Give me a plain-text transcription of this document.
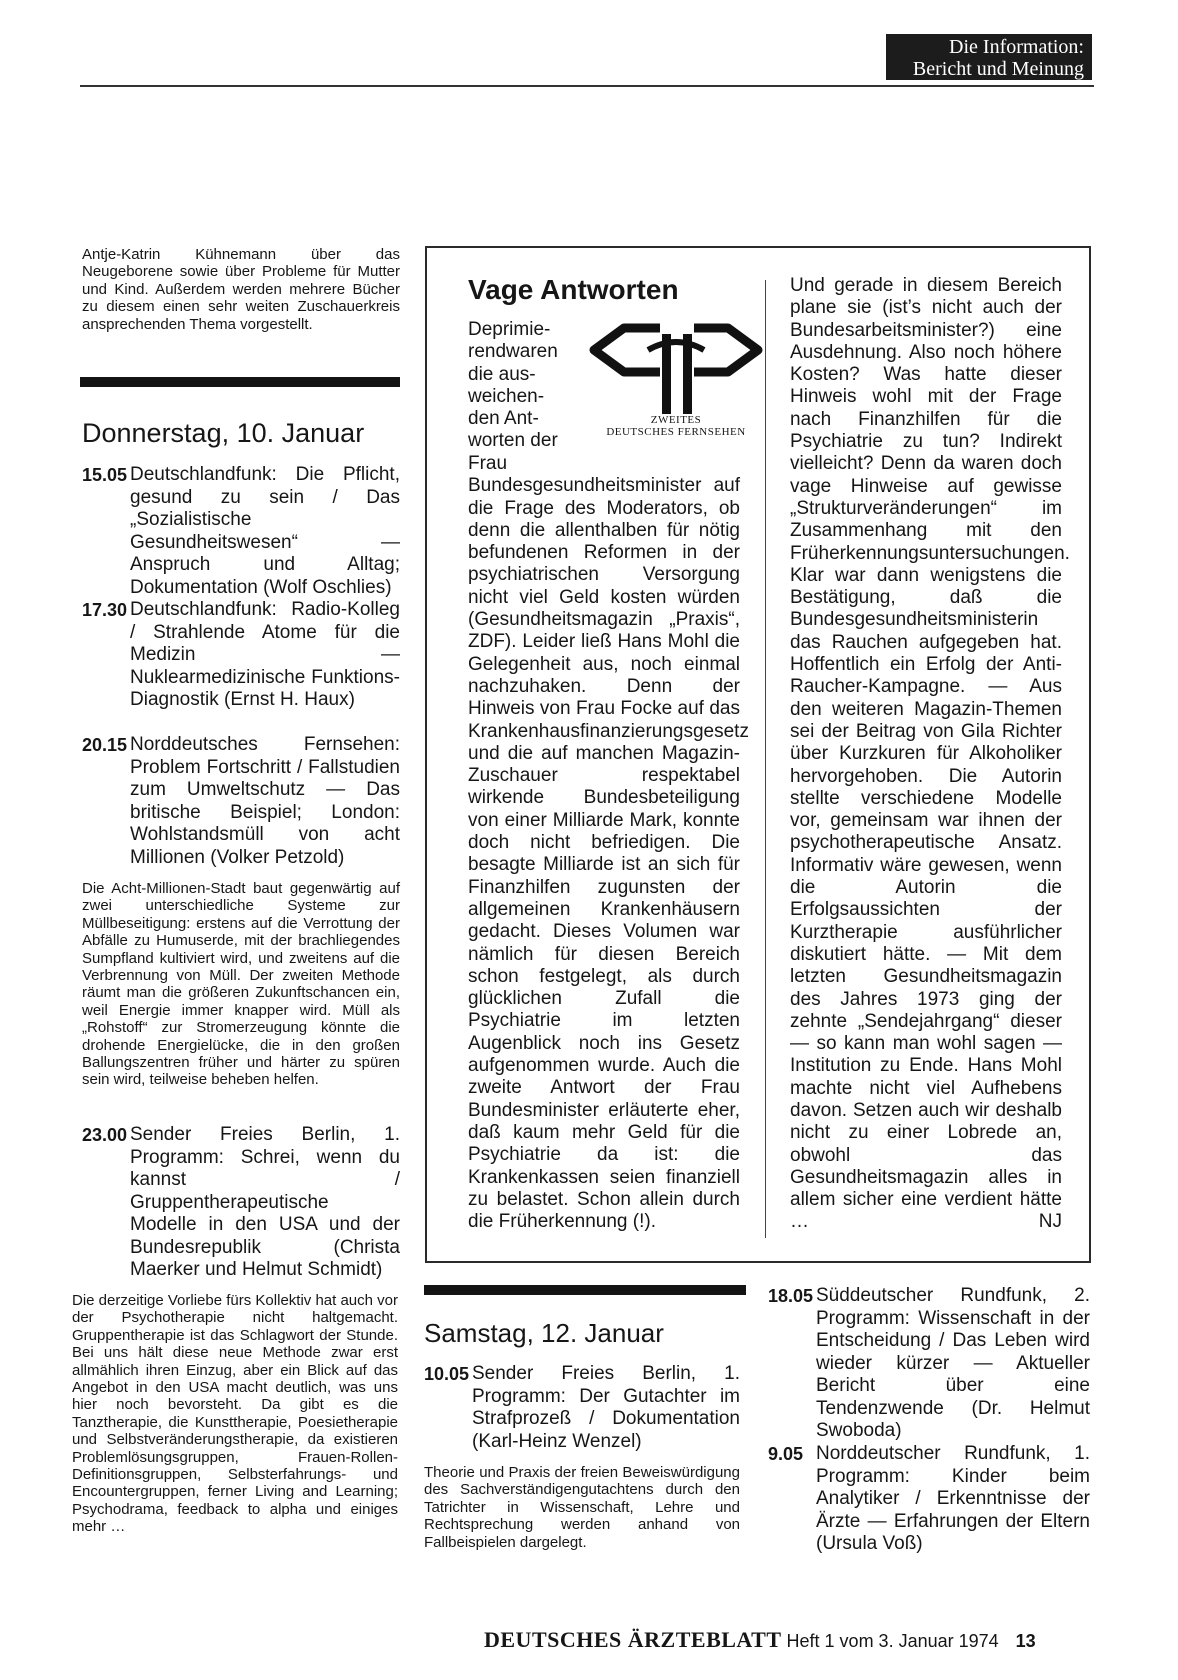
Die Information:
Bericht und Meinung

Antje-Katrin Kühnemann über das Neugeborene sowie über Probleme für Mutter und Kind. Außerdem werden mehrere Bücher zu diesem einen sehr weiten Zuschauerkreis ansprechenden Thema vorgestellt.

Donnerstag, 10. Januar
15.05 Deutschlandfunk: Die Pflicht, gesund zu sein / Das „Sozialistische Gesundheitswesen“ — Anspruch und Alltag; Dokumentation (Wolf Oschlies)
17.30 Deutschlandfunk: Radio-Kolleg / Strahlende Atome für die Medizin — Nuklearmedizinische Funktions-Diagnostik (Ernst H. Haux)
20.15 Norddeutsches Fernsehen: Problem Fortschritt / Fallstudien zum Umweltschutz — Das britische Beispiel; London: Wohlstandsmüll von acht Millionen (Volker Petzold)

Die Acht-Millionen-Stadt baut gegenwärtig auf zwei unterschiedliche Systeme zur Müllbeseitigung: erstens auf die Verrottung der Abfälle zu Humuserde, mit der brachliegendes Sumpfland kultiviert wird, und zweitens auf die Verbrennung von Müll. Der zweiten Methode räumt man die größeren Zukunftschancen ein, weil Energie immer knapper wird. Müll als „Rohstoff“ zur Stromerzeugung könnte die drohende Energielücke, die in den großen Ballungszentren früher und härter zu spüren sein wird, teilweise beheben helfen.

23.00 Sender Freies Berlin, 1. Programm: Schrei, wenn du kannst / Gruppentherapeutische Modelle in den USA und der Bundesrepublik (Christa Maerker und Helmut Schmidt)

Die derzeitige Vorliebe fürs Kollektiv hat auch vor der Psychotherapie nicht haltgemacht. Gruppentherapie ist das Schlagwort der Stunde. Bei uns hält diese neue Methode zwar erst allmählich ihren Einzug, aber ein Blick auf das Angebot in den USA macht deutlich, was uns hier noch bevorsteht. Da gibt es die Tanztherapie, die Kunsttherapie, Poesietherapie und Selbstveränderungstherapie, da existieren Problemlösungsgruppen, Frauen-Rollen-Definitionsgruppen, Selbsterfahrungs- und Encountergruppen, ferner Living and Learning; Psychodrama, feedback to alpha und einiges mehr …

Vage Antworten
ZWEITES
DEUTSCHES FERNSEHEN
Deprimie-
rendwaren
die aus-
weichen-
den Ant-
worten der
Frau Bundesgesundheitsminister auf die Frage des Moderators, ob denn die allenthalben für nötig befundenen Reformen in der psychiatrischen Versorgung nicht viel Geld kosten würden (Gesundheitsmagazin „Praxis“, ZDF). Leider ließ Hans Mohl die Gelegenheit aus, noch einmal nachzuhaken. Denn der Hinweis von Frau Focke auf das Krankenhausfinanzierungsgesetz und die auf manchen Magazin-Zuschauer respektabel wirkende Bundesbeteiligung von einer Milliarde Mark, konnte doch nicht befriedigen. Die besagte Milliarde ist an sich für Finanzhilfen zugunsten der allgemeinen Krankenhäusern gedacht. Dieses Volumen war nämlich für diesen Bereich schon festgelegt, als durch glücklichen Zufall die Psychiatrie im letzten Augenblick noch ins Gesetz aufgenommen wurde. Auch die zweite Antwort der Frau Bundesminister erläuterte eher, daß kaum mehr Geld für die Psychiatrie da ist: die Krankenkassen seien finanziell zu belastet. Schon allein durch die Früherkennung (!).
Und gerade in diesem Bereich plane sie (ist’s nicht auch der Bundesarbeitsminister?) eine Ausdehnung. Also noch höhere Kosten? Was hatte dieser Hinweis wohl mit der Frage nach Finanzhilfen für die Psychiatrie zu tun? Indirekt vielleicht? Denn da waren doch vage Hinweise auf gewisse „Strukturveränderungen“ im Zusammenhang mit den Früherkennungsuntersuchungen. Klar war dann wenigstens die Bestätigung, daß die Bundesgesundheitsministerin das Rauchen aufgegeben hat. Hoffentlich ein Erfolg der Anti-Raucher-Kampagne. — Aus den weiteren Magazin-Themen sei der Beitrag von Gila Richter über Kurzkuren für Alkoholiker hervorgehoben. Die Autorin stellte verschiedene Modelle vor, gemeinsam war ihnen der psychotherapeutische Ansatz. Informativ wäre gewesen, wenn die Autorin die Erfolgsaussichten der Kurztherapie ausführlicher diskutiert hätte. — Mit dem letzten Gesundheitsmagazin des Jahres 1973 ging der zehnte „Sendejahrgang“ dieser — so kann man wohl sagen — Institution zu Ende. Hans Mohl machte nicht viel Aufhebens davon. Setzen auch wir deshalb nicht zu einer Lobrede an, obwohl das Gesundheitsmagazin alles in allem sicher eine verdient hätte …	NJ
Samstag, 12. Januar
10.05 Sender Freies Berlin, 1. Programm: Der Gutachter im Strafprozeß / Dokumentation (Karl-Heinz Wenzel)

Theorie und Praxis der freien Beweiswürdigung des Sachverständigengutachtens durch den Tatrichter in Wissenschaft, Lehre und Rechtsprechung werden anhand von Fallbeispielen dargelegt.

18.05 Süddeutscher Rundfunk, 2. Programm: Wissenschaft in der Entscheidung / Das Leben wird wieder kürzer — Aktueller Bericht über eine Tendenzwende (Dr. Helmut Swoboda)
9.05 Norddeutscher Rundfunk, 1. Programm: Kinder beim Analytiker / Erkenntnisse der Ärzte — Erfahrungen der Eltern (Ursula Voß)
DEUTSCHES ÄRZTEBLATT Heft 1 vom 3. Januar 1974 13
